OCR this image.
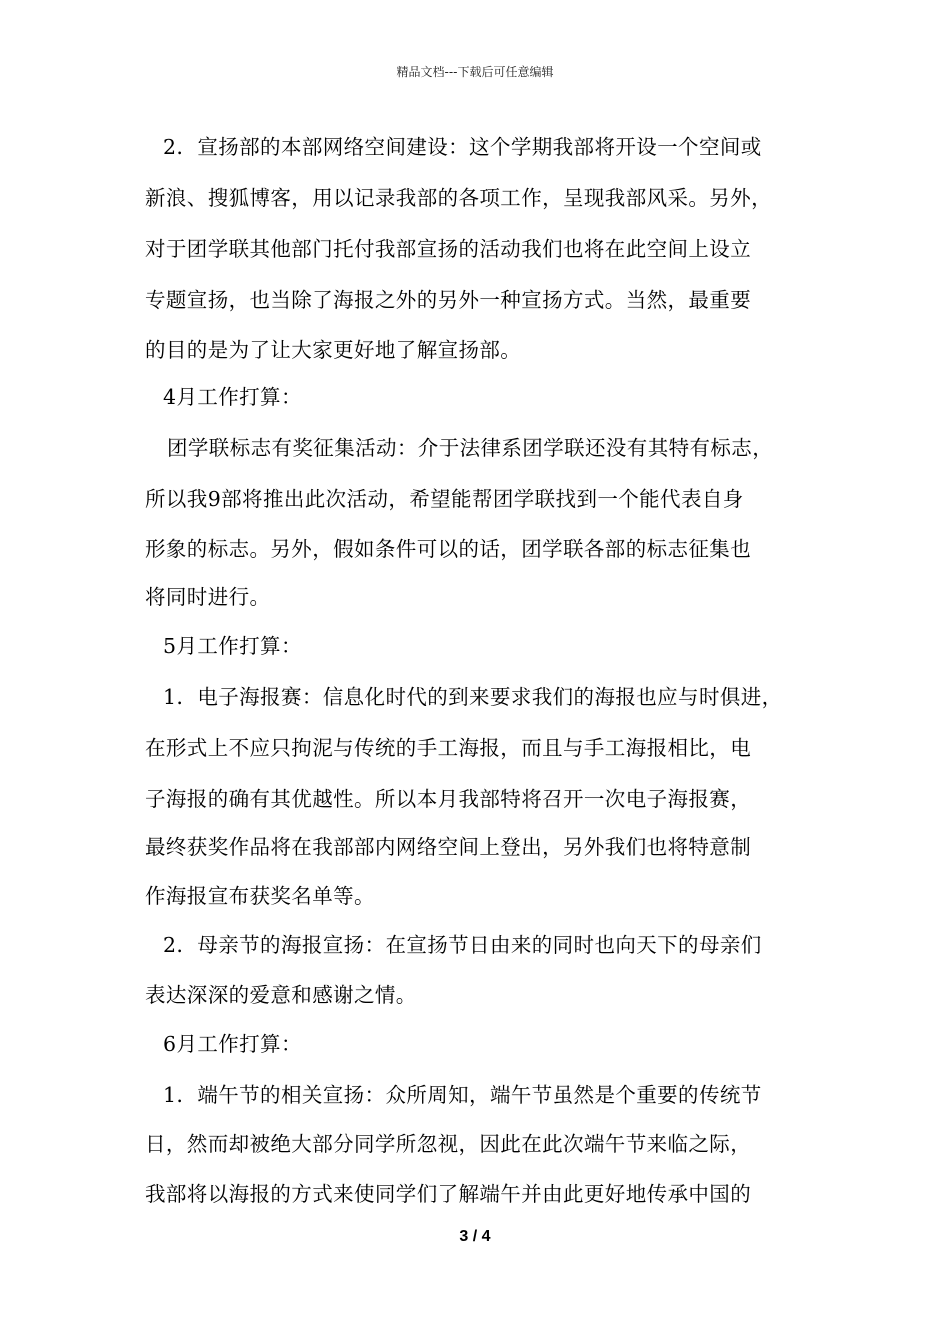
精品文档---下载后可任意编辑
2．宣扬部的本部网络空间建设：这个学期我部将开设一个空间或
新浪、搜狐博客，用以记录我部的各项工作，呈现我部风采。另外，
对于团学联其他部门托付我部宣扬的活动我们也将在此空间上设立
专题宣扬，也当除了海报之外的另外一种宣扬方式。当然，最重要
的目的是为了让大家更好地了解宣扬部。
4月工作打算：
团学联标志有奖征集活动：介于法律系团学联还没有其特有标志，
所以我9部将推出此次活动，希望能帮团学联找到一个能代表自身
形象的标志。另外，假如条件可以的话，团学联各部的标志征集也
将同时进行。
5月工作打算：
1．电子海报赛：信息化时代的到来要求我们的海报也应与时俱进，
在形式上不应只拘泥与传统的手工海报，而且与手工海报相比，电
子海报的确有其优越性。所以本月我部特将召开一次电子海报赛，
最终获奖作品将在我部部内网络空间上登出，另外我们也将特意制
作海报宣布获奖名单等。
2．母亲节的海报宣扬：在宣扬节日由来的同时也向天下的母亲们
表达深深的爱意和感谢之情。
6月工作打算：
1．端午节的相关宣扬：众所周知，端午节虽然是个重要的传统节
日，然而却被绝大部分同学所忽视，因此在此次端午节来临之际，
我部将以海报的方式来使同学们了解端午并由此更好地传承中国的
3 / 4
